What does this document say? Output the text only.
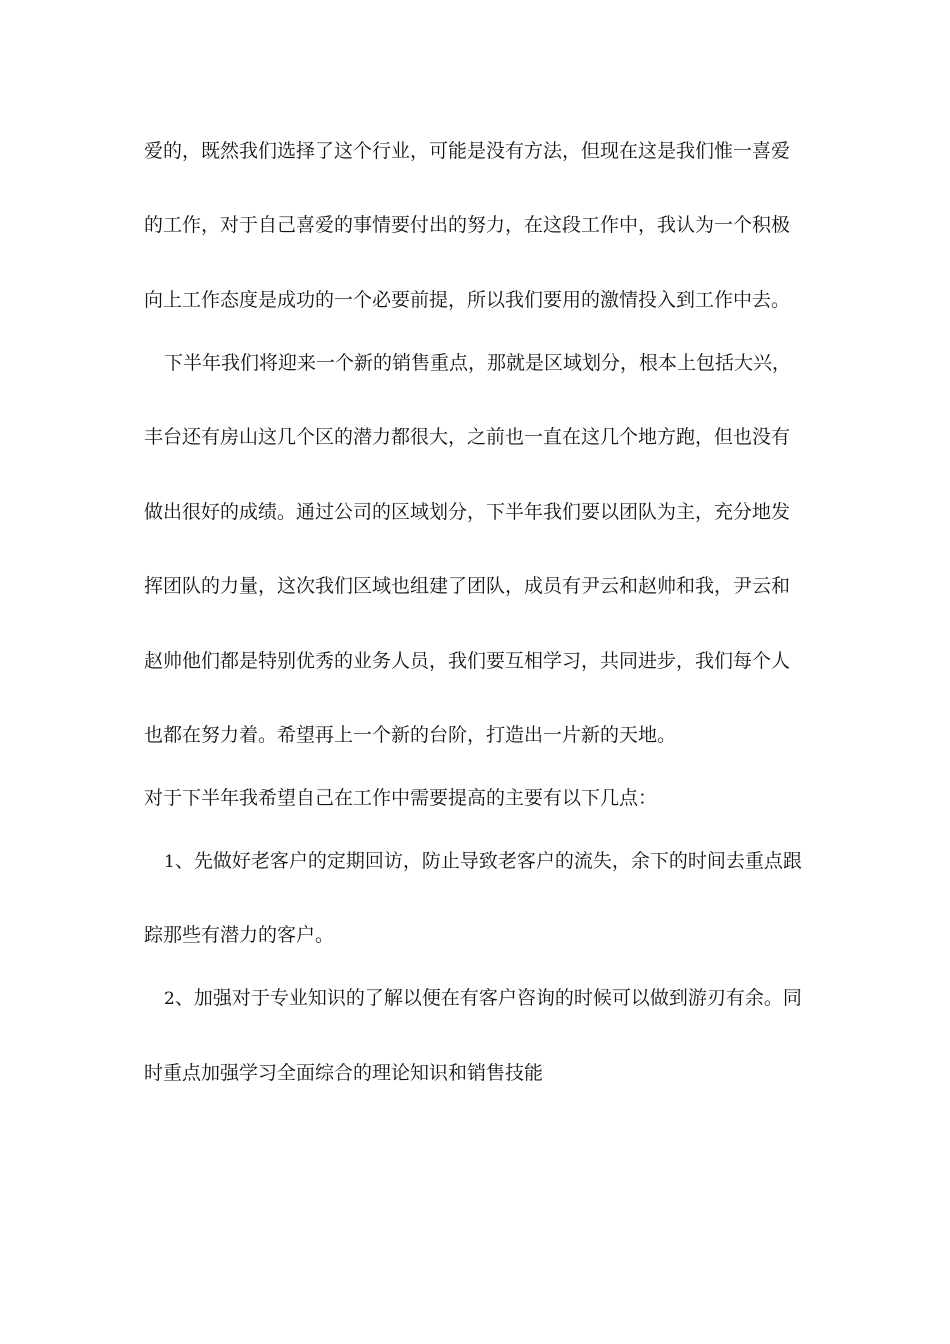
爱的，既然我们选择了这个行业，可能是没有方法，但现在这是我们惟一喜爱
的工作，对于自己喜爱的事情要付出的努力，在这段工作中，我认为一个积极
向上工作态度是成功的一个必要前提，所以我们要用的激情投入到工作中去。
下半年我们将迎来一个新的销售重点，那就是区域划分，根本上包括大兴，
丰台还有房山这几个区的潜力都很大，之前也一直在这几个地方跑，但也没有
做出很好的成绩。通过公司的区域划分，下半年我们要以团队为主，充分地发
挥团队的力量，这次我们区域也组建了团队，成员有尹云和赵帅和我，尹云和
赵帅他们都是特别优秀的业务人员，我们要互相学习，共同进步，我们每个人
也都在努力着。希望再上一个新的台阶，打造出一片新的天地。
对于下半年我希望自己在工作中需要提高的主要有以下几点：
1、先做好老客户的定期回访，防止导致老客户的流失，余下的时间去重点跟
踪那些有潜力的客户。
2、加强对于专业知识的了解以便在有客户咨询的时候可以做到游刃有余。同
时重点加强学习全面综合的理论知识和销售技能
